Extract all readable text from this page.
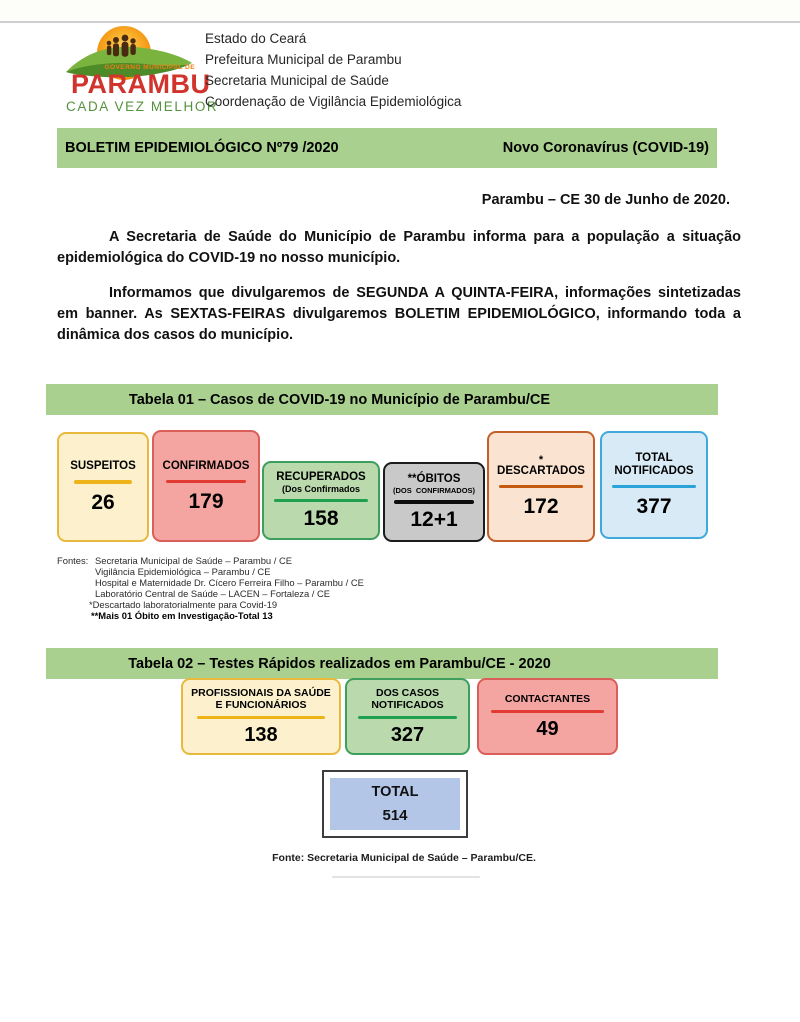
GOVERNO MUNICIPAL DE
PARAMBU
CADA VEZ MELHOR
Estado do Ceará
Prefeitura Municipal de Parambu
Secretaria Municipal de Saúde
Coordenação de Vigilância Epidemiológica
BOLETIM EPIDEMIOLÓGICO Nº79 /2020	Novo Coronavírus (COVID-19)
Parambu – CE 30 de Junho de 2020.

A Secretaria de Saúde do Município de Parambu informa para a população a situação epidemiológica do COVID-19 no nosso município.

Informamos que divulgaremos de SEGUNDA A QUINTA-FEIRA, informações sintetizadas em banner. As SEXTAS-FEIRAS divulgaremos BOLETIM EPIDEMIOLÓGICO, informando toda a dinâmica dos casos do município.

Tabela 01 – Casos de COVID-19 no Município de Parambu/CE
SUSPEITOS
26
CONFIRMADOS
179
RECUPERADOS
(Dos Confirmados
158
**ÓBITOS
(DOS  CONFIRMADOS)
12+1
*
DESCARTADOS
172
TOTAL
NOTIFICADOS
377
Fontes: Secretaria Municipal de Saúde – Parambu / CE
Vigilância Epidemiológica – Parambu / CE
Hospital e Maternidade Dr. Cícero Ferreira Filho – Parambu / CE
Laboratório Central de Saúde – LACEN – Fortaleza / CE
*Descartado laboratorialmente para Covid-19
**Mais 01 Óbito em Investigação-Total 13
Tabela 02 – Testes Rápidos realizados em Parambu/CE - 2020
PROFISSIONAIS DA SAÚDE
E FUNCIONÁRIOS
138
DOS CASOS
NOTIFICADOS
327
CONTACTANTES
49
TOTAL
514
Fonte: Secretaria Municipal de Saúde – Parambu/CE.
